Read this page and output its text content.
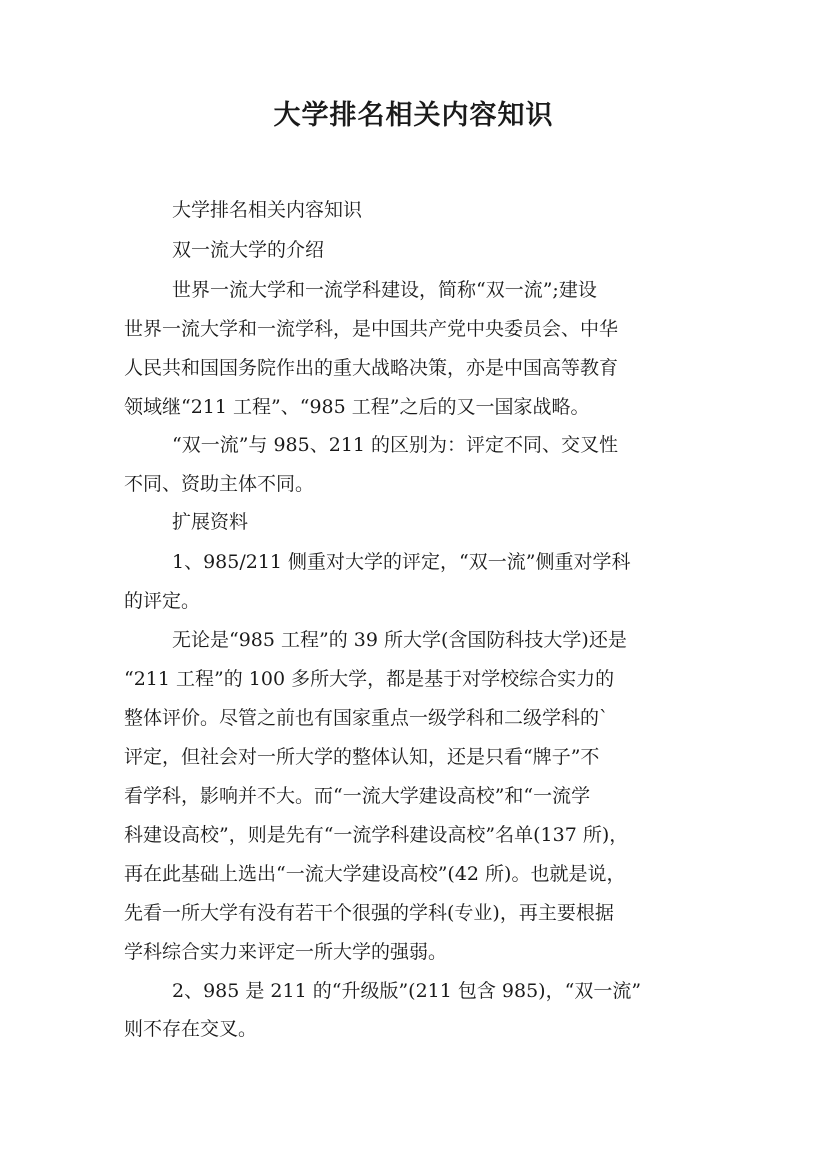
大学排名相关内容知识
大学排名相关内容知识
双一流大学的介绍
世界一流大学和一流学科建设，简称“双一流”;建设
世界一流大学和一流学科，是中国共产党中央委员会、中华
人民共和国国务院作出的重大战略决策，亦是中国高等教育
领域继“211 工程”、“985 工程”之后的又一国家战略。
“双一流”与 985、211 的区别为：评定不同、交叉性
不同、资助主体不同。
扩展资料
1、985/211 侧重对大学的评定，“双一流”侧重对学科
的评定。
无论是“985 工程”的 39 所大学(含国防科技大学)还是
“211 工程”的 100 多所大学，都是基于对学校综合实力的
整体评价。尽管之前也有国家重点一级学科和二级学科的`
评定，但社会对一所大学的整体认知，还是只看“牌子”不
看学科，影响并不大。而“一流大学建设高校”和“一流学
科建设高校”，则是先有“一流学科建设高校”名单(137 所)，
再在此基础上选出“一流大学建设高校”(42 所)。也就是说，
先看一所大学有没有若干个很强的学科(专业)，再主要根据
学科综合实力来评定一所大学的强弱。
2、985 是 211 的“升级版”(211 包含 985)，“双一流”
则不存在交叉。
